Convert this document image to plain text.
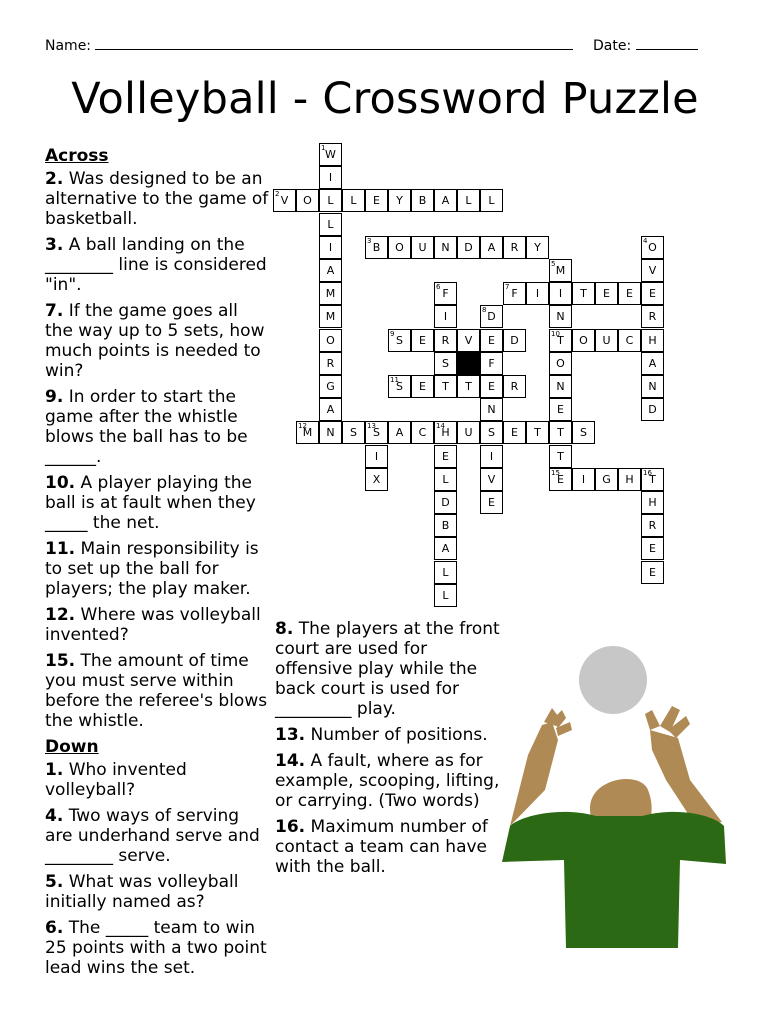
Name:	Date:
Volleyball - Crossword Puzzle
V
2	O	L	L	E	Y	B	A	L	L
B
3	O	U	N	D	A	R	Y
F
7	I	I	T	E	E	E
S
9	E	R	V	E	D	T
10	O	U	C	H
S
11	E	T	T	E	R
M
12	N	S	S
13	A	C	H
14	U	S	E	T	T	S
E
15	I	G	H	T
16
W
1
I
L
I
A
M
M
O
R
G
A
O
4
V
R
A
N
D
M
5
N
O
N
E
T
F
6
I
S
D
8
F
N
I
V
E
I
X
E
L
D
B
A
L
L
H
R
E
E
Across
2. Was designed to be an alternative to the game of basketball.
3. A ball landing on the ________ line is considered "in".
7. If the game goes all the way up to 5 sets, how much points is needed to win?
9. In order to start the game after the whistle blows the ball has to be ______.
10. A player playing the ball is at fault when they _____ the net.
11. Main responsibility is to set up the ball for players; the play maker.
12. Where was volleyball invented?
15. The amount of time you must serve within before the referee's blows the whistle.
Down
1. Who invented volleyball?
4. Two ways of serving are underhand serve and ________ serve.
5. What was volleyball initially named as?
6. The _____ team to win 25 points with a two point lead wins the set.
8. The players at the front court are used for offensive play while the back court is used for _________ play.
13. Number of positions.
14. A fault, where as for example, scooping, lifting, or carrying. (Two words)
16. Maximum number of contact a team can have with the ball.
